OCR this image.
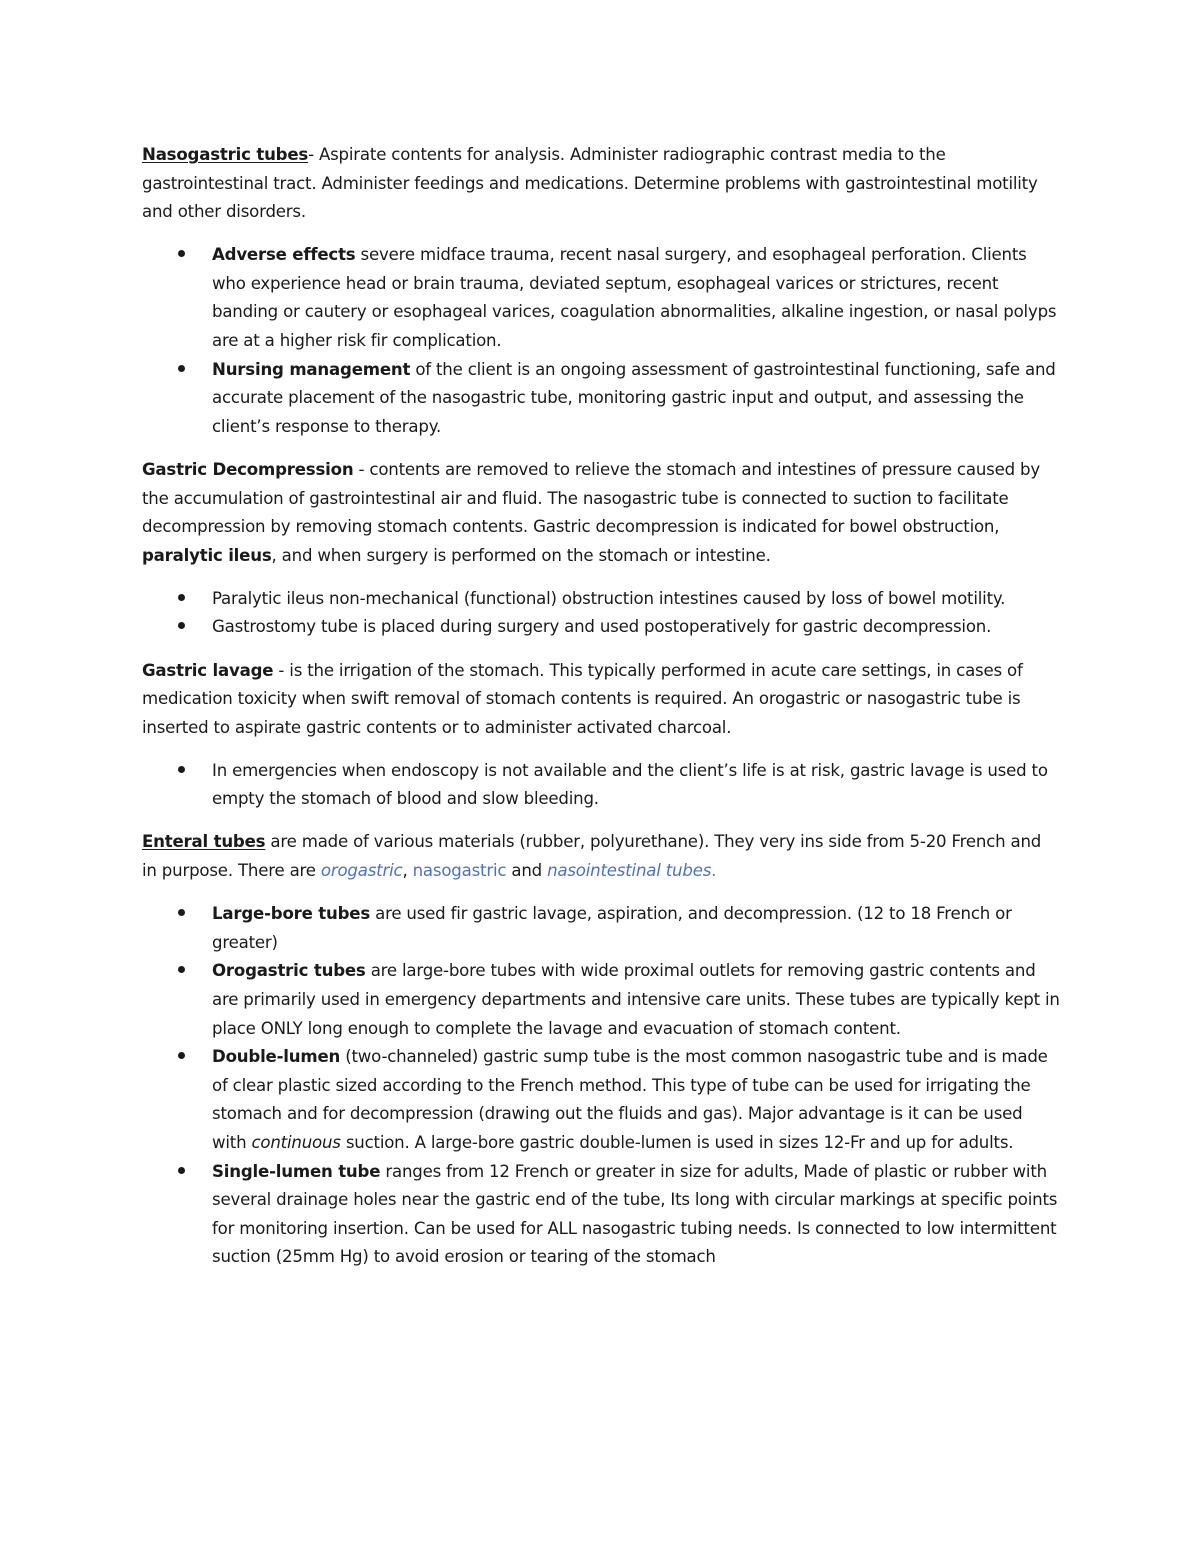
Nasogastric tubes- Aspirate contents for analysis. Administer radiographic contrast media to the gastrointestinal tract. Administer feedings and medications. Determine problems with gastrointestinal motility and other disorders.

Adverse effects severe midface trauma, recent nasal surgery, and esophageal perforation. Clients who experience head or brain trauma, deviated septum, esophageal varices or strictures, recent banding or cautery or esophageal varices, coagulation abnormalities, alkaline ingestion, or nasal polyps are at a higher risk fir complication.
Nursing management of the client is an ongoing assessment of gastrointestinal functioning, safe and accurate placement of the nasogastric tube, monitoring gastric input and output, and assessing the client’s response to therapy.

Gastric Decompression - contents are removed to relieve the stomach and intestines of pressure caused by the accumulation of gastrointestinal air and fluid. The nasogastric tube is connected to suction to facilitate decompression by removing stomach contents. Gastric decompression is indicated for bowel obstruction, paralytic ileus, and when surgery is performed on the stomach or intestine.

Paralytic ileus non-mechanical (functional) obstruction intestines caused by loss of bowel motility.
Gastrostomy tube is placed during surgery and used postoperatively for gastric decompression.

Gastric lavage - is the irrigation of the stomach. This typically performed in acute care settings, in cases of medication toxicity when swift removal of stomach contents is required. An orogastric or nasogastric tube is inserted to aspirate gastric contents or to administer activated charcoal.

In emergencies when endoscopy is not available and the client’s life is at risk, gastric lavage is used to empty the stomach of blood and slow bleeding.

Enteral tubes are made of various materials (rubber, polyurethane). They very ins side from 5-20 French and in purpose. There are orogastric, nasogastric and nasointestinal tubes.

Large-bore tubes are used fir gastric lavage, aspiration, and decompression. (12 to 18 French or greater)
Orogastric tubes are large-bore tubes with wide proximal outlets for removing gastric contents and are primarily used in emergency departments and intensive care units. These tubes are typically kept in place ONLY long enough to complete the lavage and evacuation of stomach content.
Double-lumen (two-channeled) gastric sump tube is the most common nasogastric tube and is made of clear plastic sized according to the French method. This type of tube can be used for irrigating the stomach and for decompression (drawing out the fluids and gas). Major advantage is it can be used with continuous suction. A large-bore gastric double-lumen is used in sizes 12-Fr and up for adults.
Single-lumen tube ranges from 12 French or greater in size for adults, Made of plastic or rubber with several drainage holes near the gastric end of the tube, Its long with circular markings at specific points for monitoring insertion. Can be used for ALL nasogastric tubing needs. Is connected to low intermittent suction (25mm Hg) to avoid erosion or tearing of the stomach
